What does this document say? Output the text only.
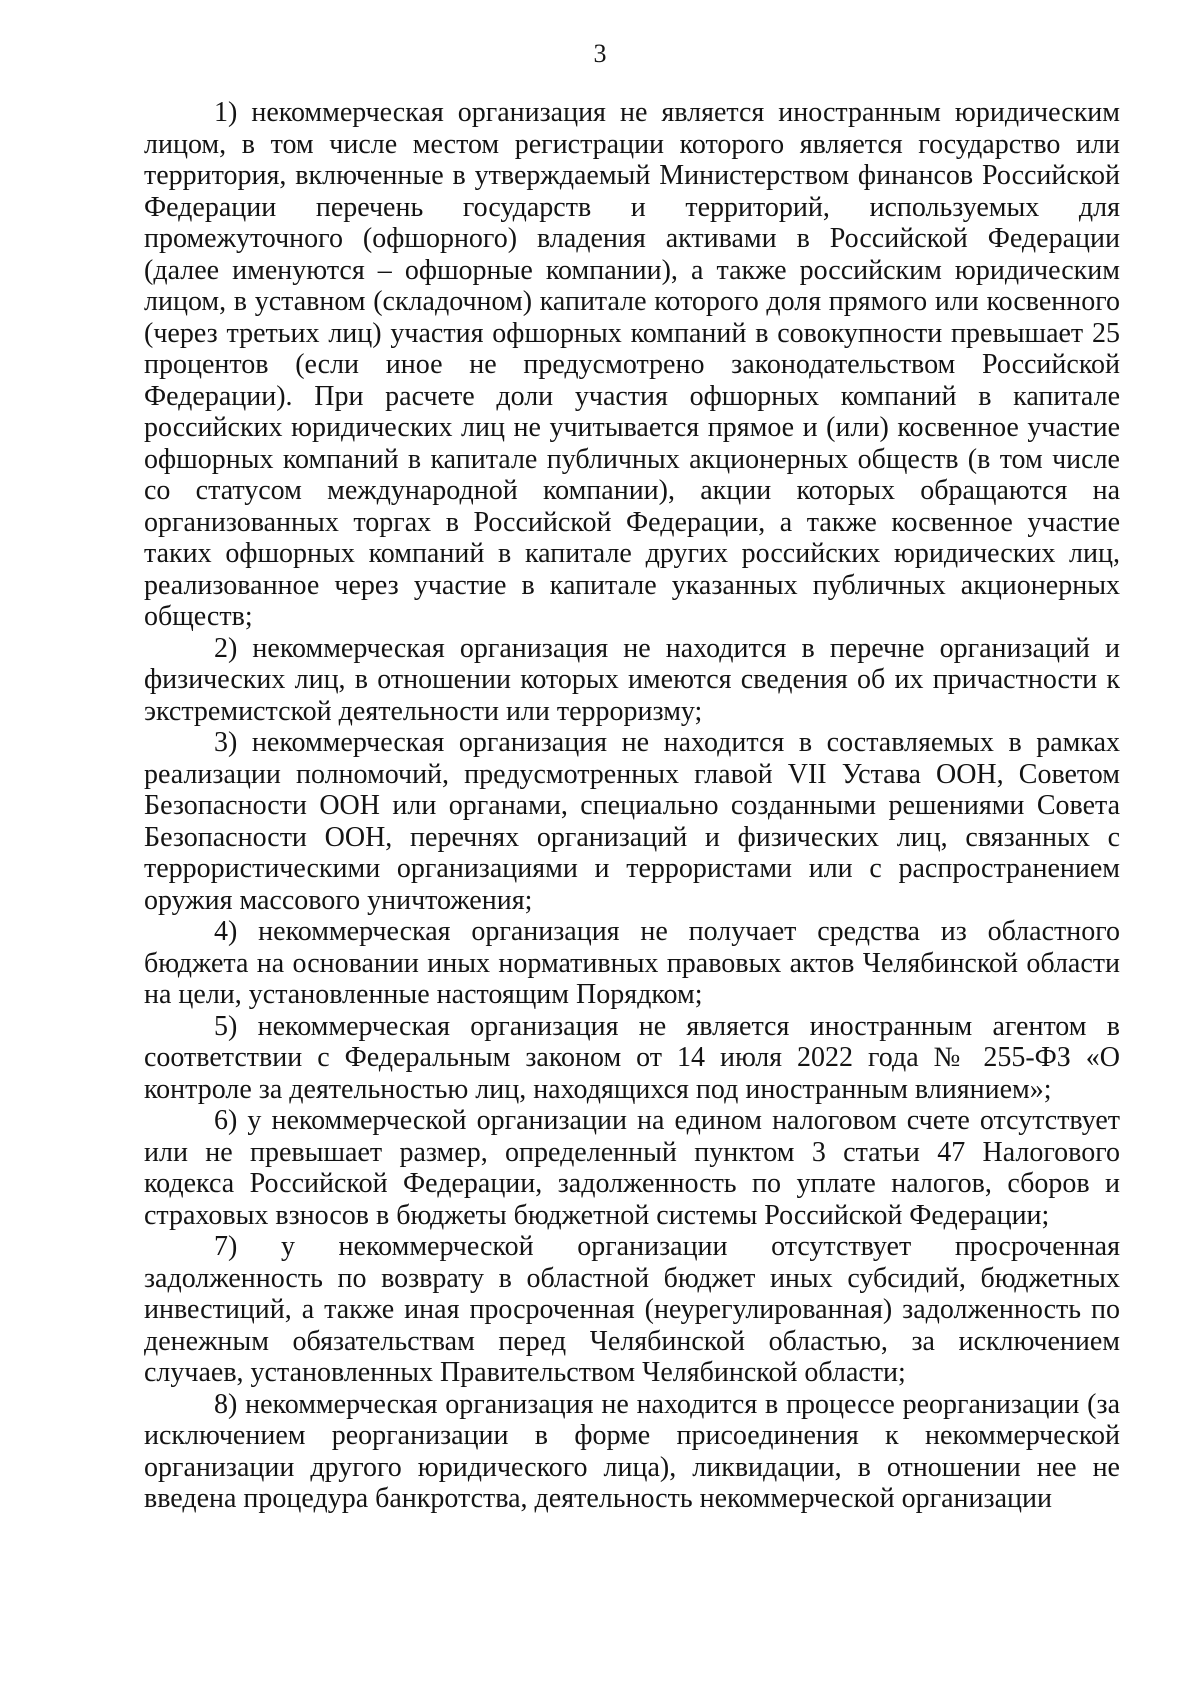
3

1) некоммерческая организация не является иностранным юридическим лицом, в том числе местом регистрации которого является государство или территория, включенные в утверждаемый Министерством финансов Российской Федерации перечень государств и территорий, используемых для промежуточного (офшорного) владения активами в Российской Федерации (далее именуются – офшорные компании), а также российским юридическим лицом, в уставном (складочном) капитале которого доля прямого или косвенного (через третьих лиц) участия офшорных компаний в совокупности превышает 25 процентов (если иное не предусмотрено законодательством Российской Федерации). При расчете доли участия офшорных компаний в капитале российских юридических лиц не учитывается прямое и (или) косвенное участие офшорных компаний в капитале публичных акционерных обществ (в том числе со статусом международной компании), акции которых обращаются на организованных торгах в Российской Федерации, а также косвенное участие таких офшорных компаний в капитале других российских юридических лиц, реализованное через участие в капитале указанных публичных акционерных обществ;

2) некоммерческая организация не находится в перечне организаций и физических лиц, в отношении которых имеются сведения об их причастности к экстремистской деятельности или терроризму;

3) некоммерческая организация не находится в составляемых в рамках реализации полномочий, предусмотренных главой VII Устава ООН, Советом Безопасности ООН или органами, специально созданными решениями Совета Безопасности ООН, перечнях организаций и физических лиц, связанных с террористическими организациями и террористами или с распространением оружия массового уничтожения;

4) некоммерческая организация не получает средства из областного бюджета на основании иных нормативных правовых актов Челябинской области на цели, установленные настоящим Порядком;

5) некоммерческая организация не является иностранным агентом в соответствии с Федеральным законом от 14 июля 2022 года № 255-ФЗ «О контроле за деятельностью лиц, находящихся под иностранным влиянием»;

6) у некоммерческой организации на едином налоговом счете отсутствует или не превышает размер, определенный пунктом 3 статьи 47 Налогового кодекса Российской Федерации, задолженность по уплате налогов, сборов и страховых взносов в бюджеты бюджетной системы Российской Федерации;

7) у некоммерческой организации отсутствует просроченная задолженность по возврату в областной бюджет иных субсидий, бюджетных инвестиций, а также иная просроченная (неурегулированная) задолженность по денежным обязательствам перед Челябинской областью, за исключением случаев, установленных Правительством Челябинской области;

8) некоммерческая организация не находится в процессе реорганизации (за исключением реорганизации в форме присоединения к некоммерческой организации другого юридического лица), ликвидации, в отношении нее не введена процедура банкротства, деятельность некоммерческой организации
